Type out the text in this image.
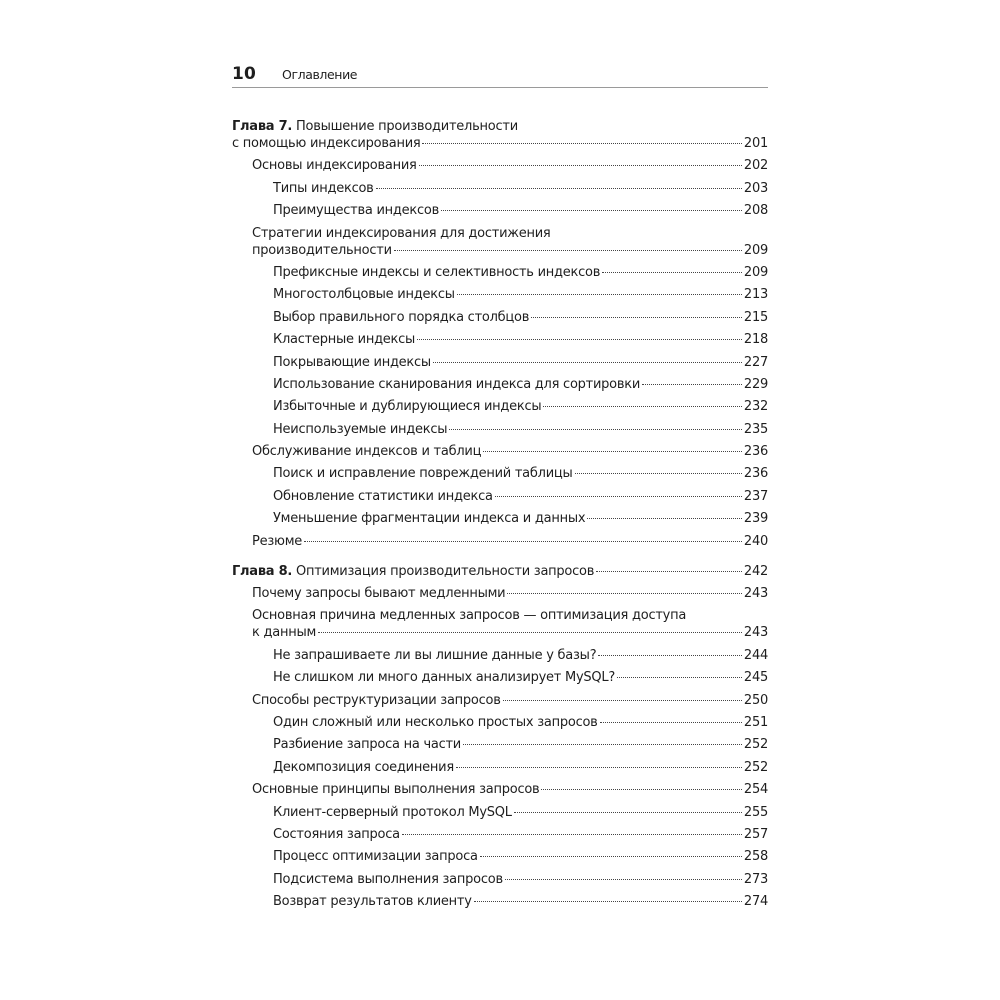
10 Оглавление
Глава 7. Повышение производительности
с помощью индексирования	201
Основы индексирования	202
Типы индексов	203
Преимущества индексов	208
Стратегии индексирования для достижения
производительности	209
Префиксные индексы и селективность индексов	209
Многостолбцовые индексы	213
Выбор правильного порядка столбцов	215
Кластерные индексы	218
Покрывающие индексы	227
Использование сканирования индекса для сортировки	229
Избыточные и дублирующиеся индексы	232
Неиспользуемые индексы	235
Обслуживание индексов и таблиц	236
Поиск и исправление повреждений таблицы	236
Обновление статистики индекса	237
Уменьшение фрагментации индекса и данных	239
Резюме	240
Глава 8. Оптимизация производительности запросов	242
Почему запросы бывают медленными	243
Основная причина медленных запросов — оптимизация доступа
к данным	243
Не запрашиваете ли вы лишние данные у базы?	244
Не слишком ли много данных анализирует MySQL?	245
Способы реструктуризации запросов	250
Один сложный или несколько простых запросов	251
Разбиение запроса на части	252
Декомпозиция соединения	252
Основные принципы выполнения запросов	254
Клиент-серверный протокол MySQL	255
Состояния запроса	257
Процесс оптимизации запроса	258
Подсистема выполнения запросов	273
Возврат результатов клиенту	274
